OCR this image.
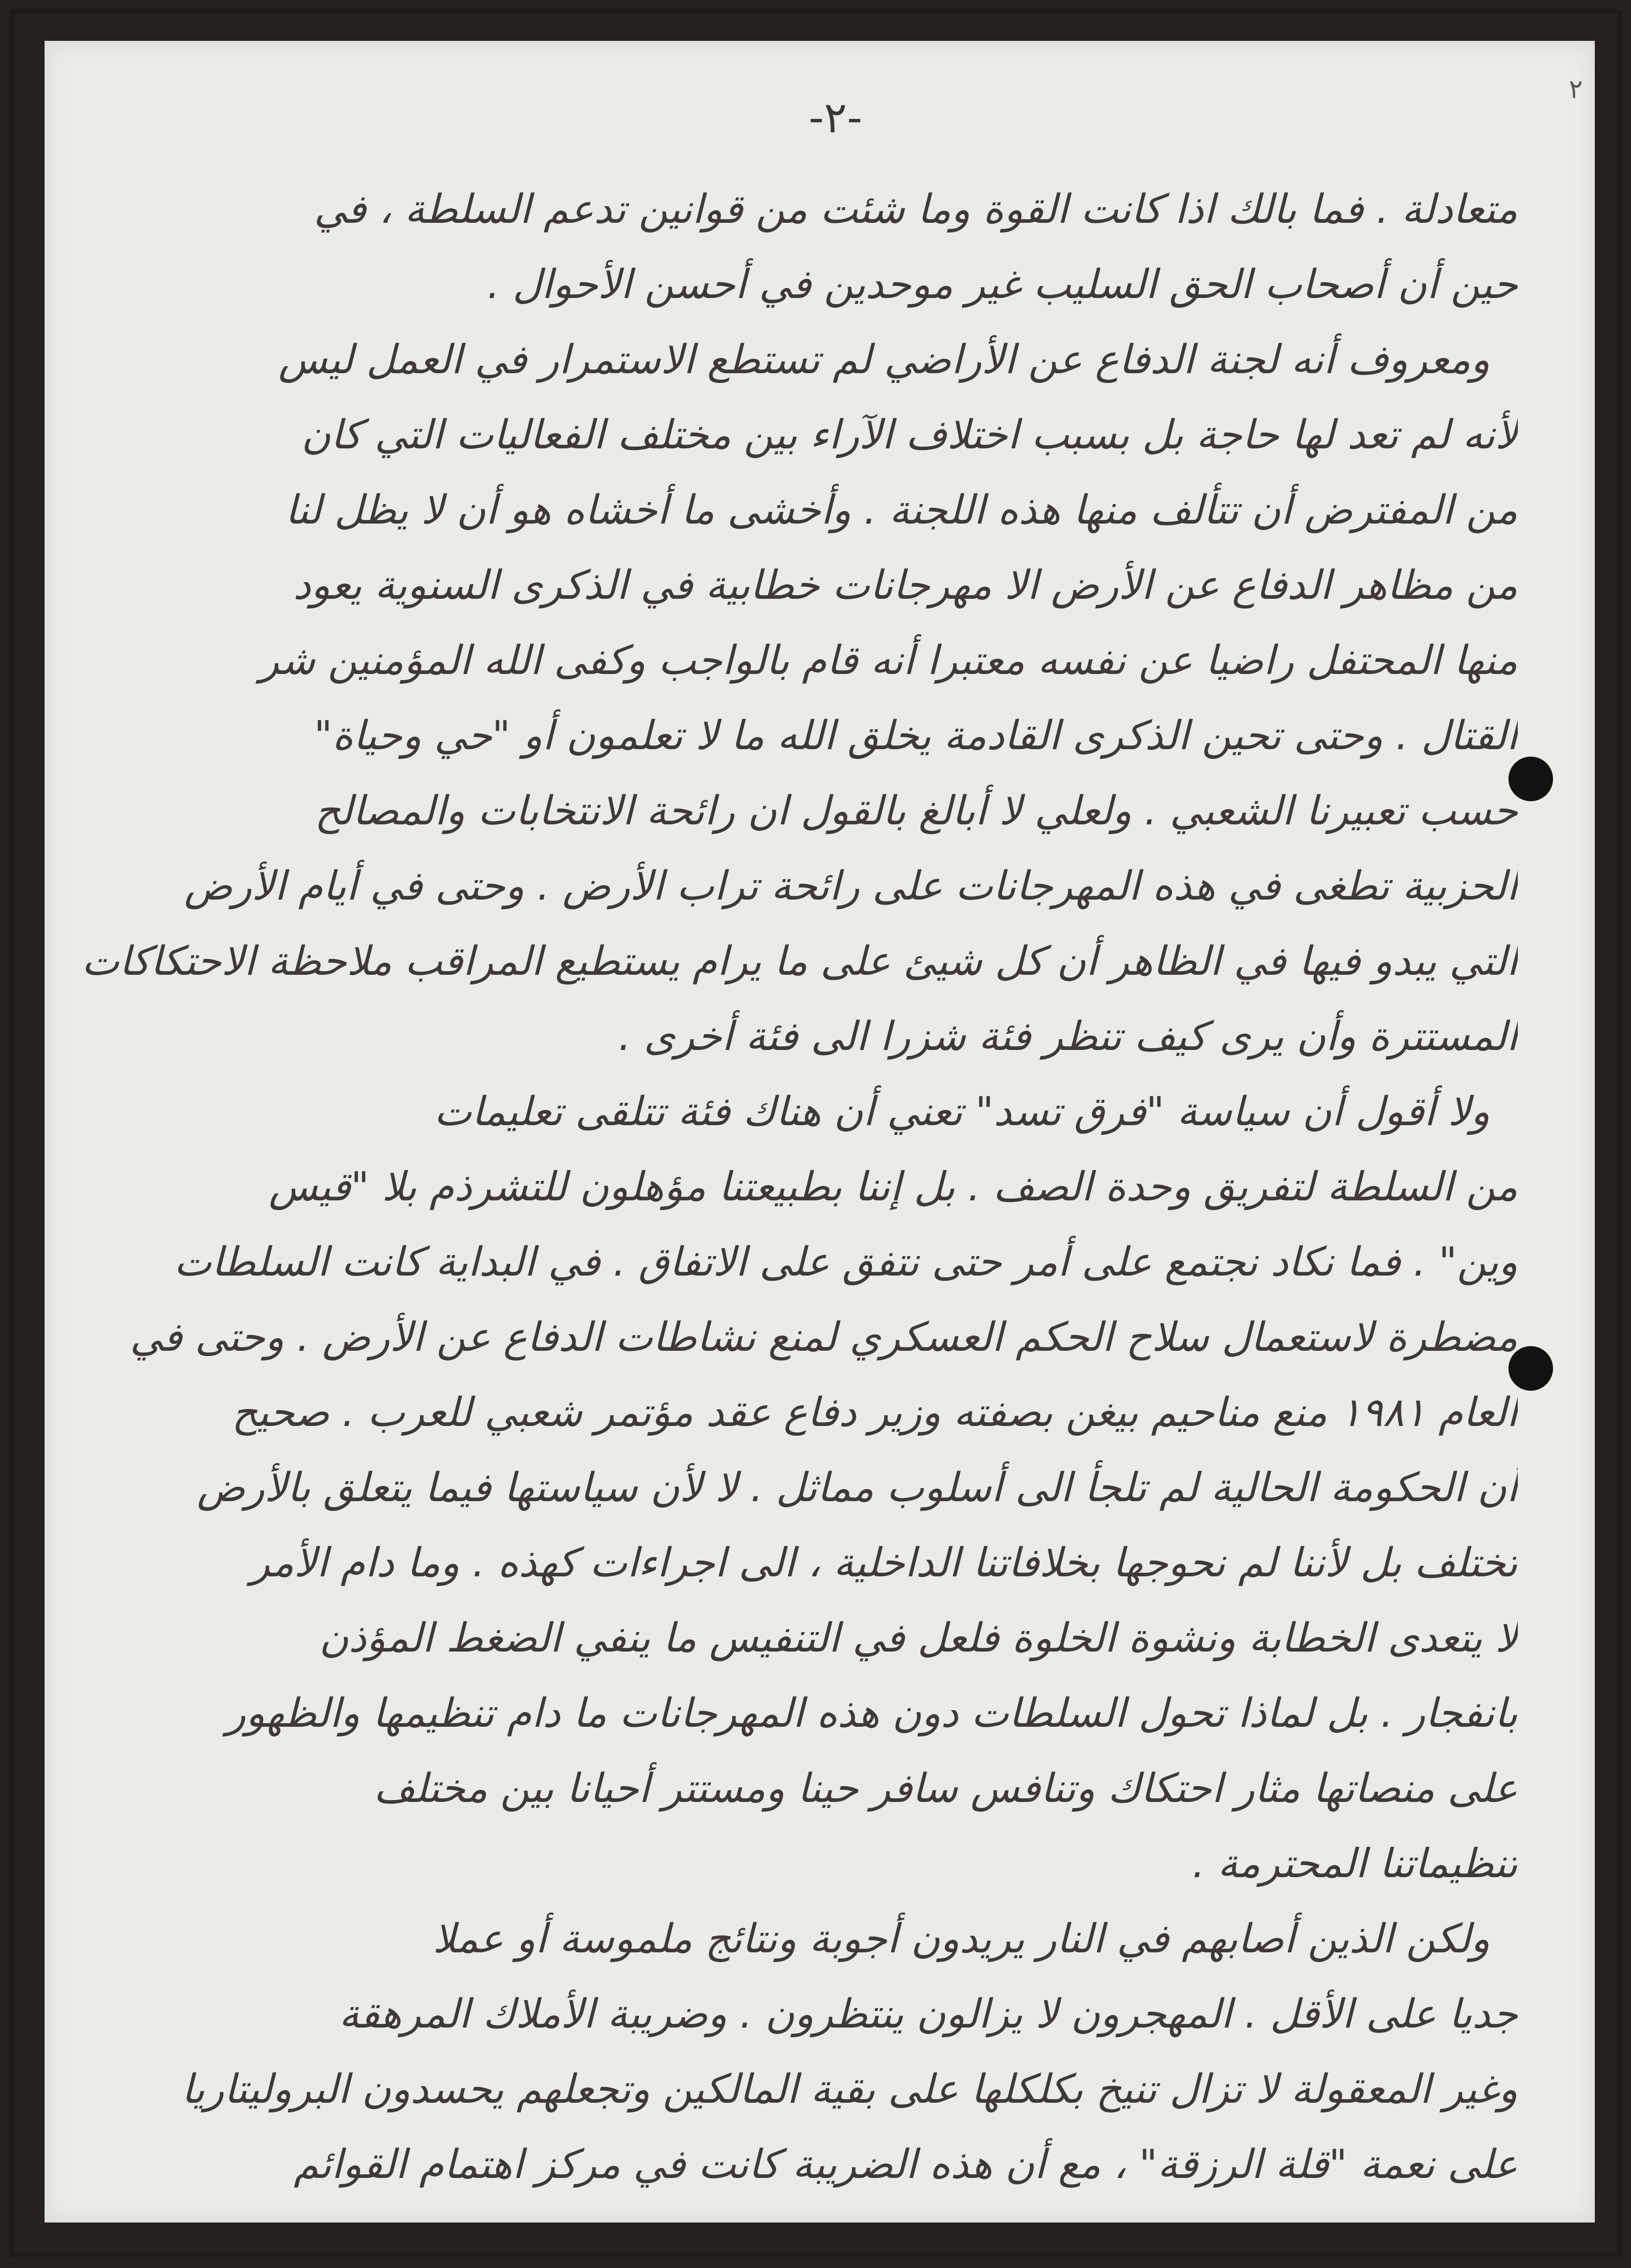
٢
-٢-
متعادلة . فما بالك اذا كانت القوة وما شئت من قوانين تدعم السلطة ، في
حين أن أصحاب الحق السليب غير موحدين في أحسن الأحوال .
ومعروف أنه لجنة الدفاع عن الأراضي لم تستطع الاستمرار في العمل ليس
لأنه لم تعد لها حاجة بل بسبب اختلاف الآراء بين مختلف الفعاليات التي كان
من المفترض أن تتألف منها هذه اللجنة . وأخشى ما أخشاه هو أن لا يظل لنا
من مظاهر الدفاع عن الأرض الا مهرجانات خطابية في الذكرى السنوية يعود
منها المحتفل راضيا عن نفسه معتبرا أنه قام بالواجب وكفى الله المؤمنين شر
القتال . وحتى تحين الذكرى القادمة يخلق الله ما لا تعلمون أو "حي وحياة"
حسب تعبيرنا الشعبي . ولعلي لا أبالغ بالقول ان رائحة الانتخابات والمصالح
الحزبية تطغى في هذه المهرجانات على رائحة تراب الأرض . وحتى في أيام الأرض
التي يبدو فيها في الظاهر أن كل شيئ على ما يرام يستطيع المراقب ملاحظة الاحتكاكات
المستترة وأن يرى كيف تنظر فئة شزرا الى فئة أخرى .
ولا أقول أن سياسة "فرق تسد" تعني أن هناك فئة تتلقى تعليمات
من السلطة لتفريق وحدة الصف . بل إننا بطبيعتنا مؤهلون للتشرذم بلا "قيس
وين" . فما نكاد نجتمع على أمر حتى نتفق على الاتفاق . في البداية كانت السلطات
مضطرة لاستعمال سلاح الحكم العسكري لمنع نشاطات الدفاع عن الأرض . وحتى في
العام ١٩٨١ منع مناحيم بيغن بصفته وزير دفاع عقد مؤتمر شعبي للعرب . صحيح
أن الحكومة الحالية لم تلجأ الى أسلوب مماثل . لا لأن سياستها فيما يتعلق بالأرض
تختلف بل لأننا لم نحوجها بخلافاتنا الداخلية ، الى اجراءات كهذه . وما دام الأمر
لا يتعدى الخطابة ونشوة الخلوة فلعل في التنفيس ما ينفي الضغط المؤذن
بانفجار . بل لماذا تحول السلطات دون هذه المهرجانات ما دام تنظيمها والظهور
على منصاتها مثار احتكاك وتنافس سافر حينا ومستتر أحيانا بين مختلف
تنظيماتنا المحترمة .
ولكن الذين أصابهم في النار يريدون أجوبة ونتائج ملموسة أو عملا
جديا على الأقل . المهجرون لا يزالون ينتظرون . وضريبة الأملاك المرهقة
وغير المعقولة لا تزال تنيخ بكلكلها على بقية المالكين وتجعلهم يحسدون البروليتاريا
على نعمة "قلة الرزقة" ، مع أن هذه الضريبة كانت في مركز اهتمام القوائم
